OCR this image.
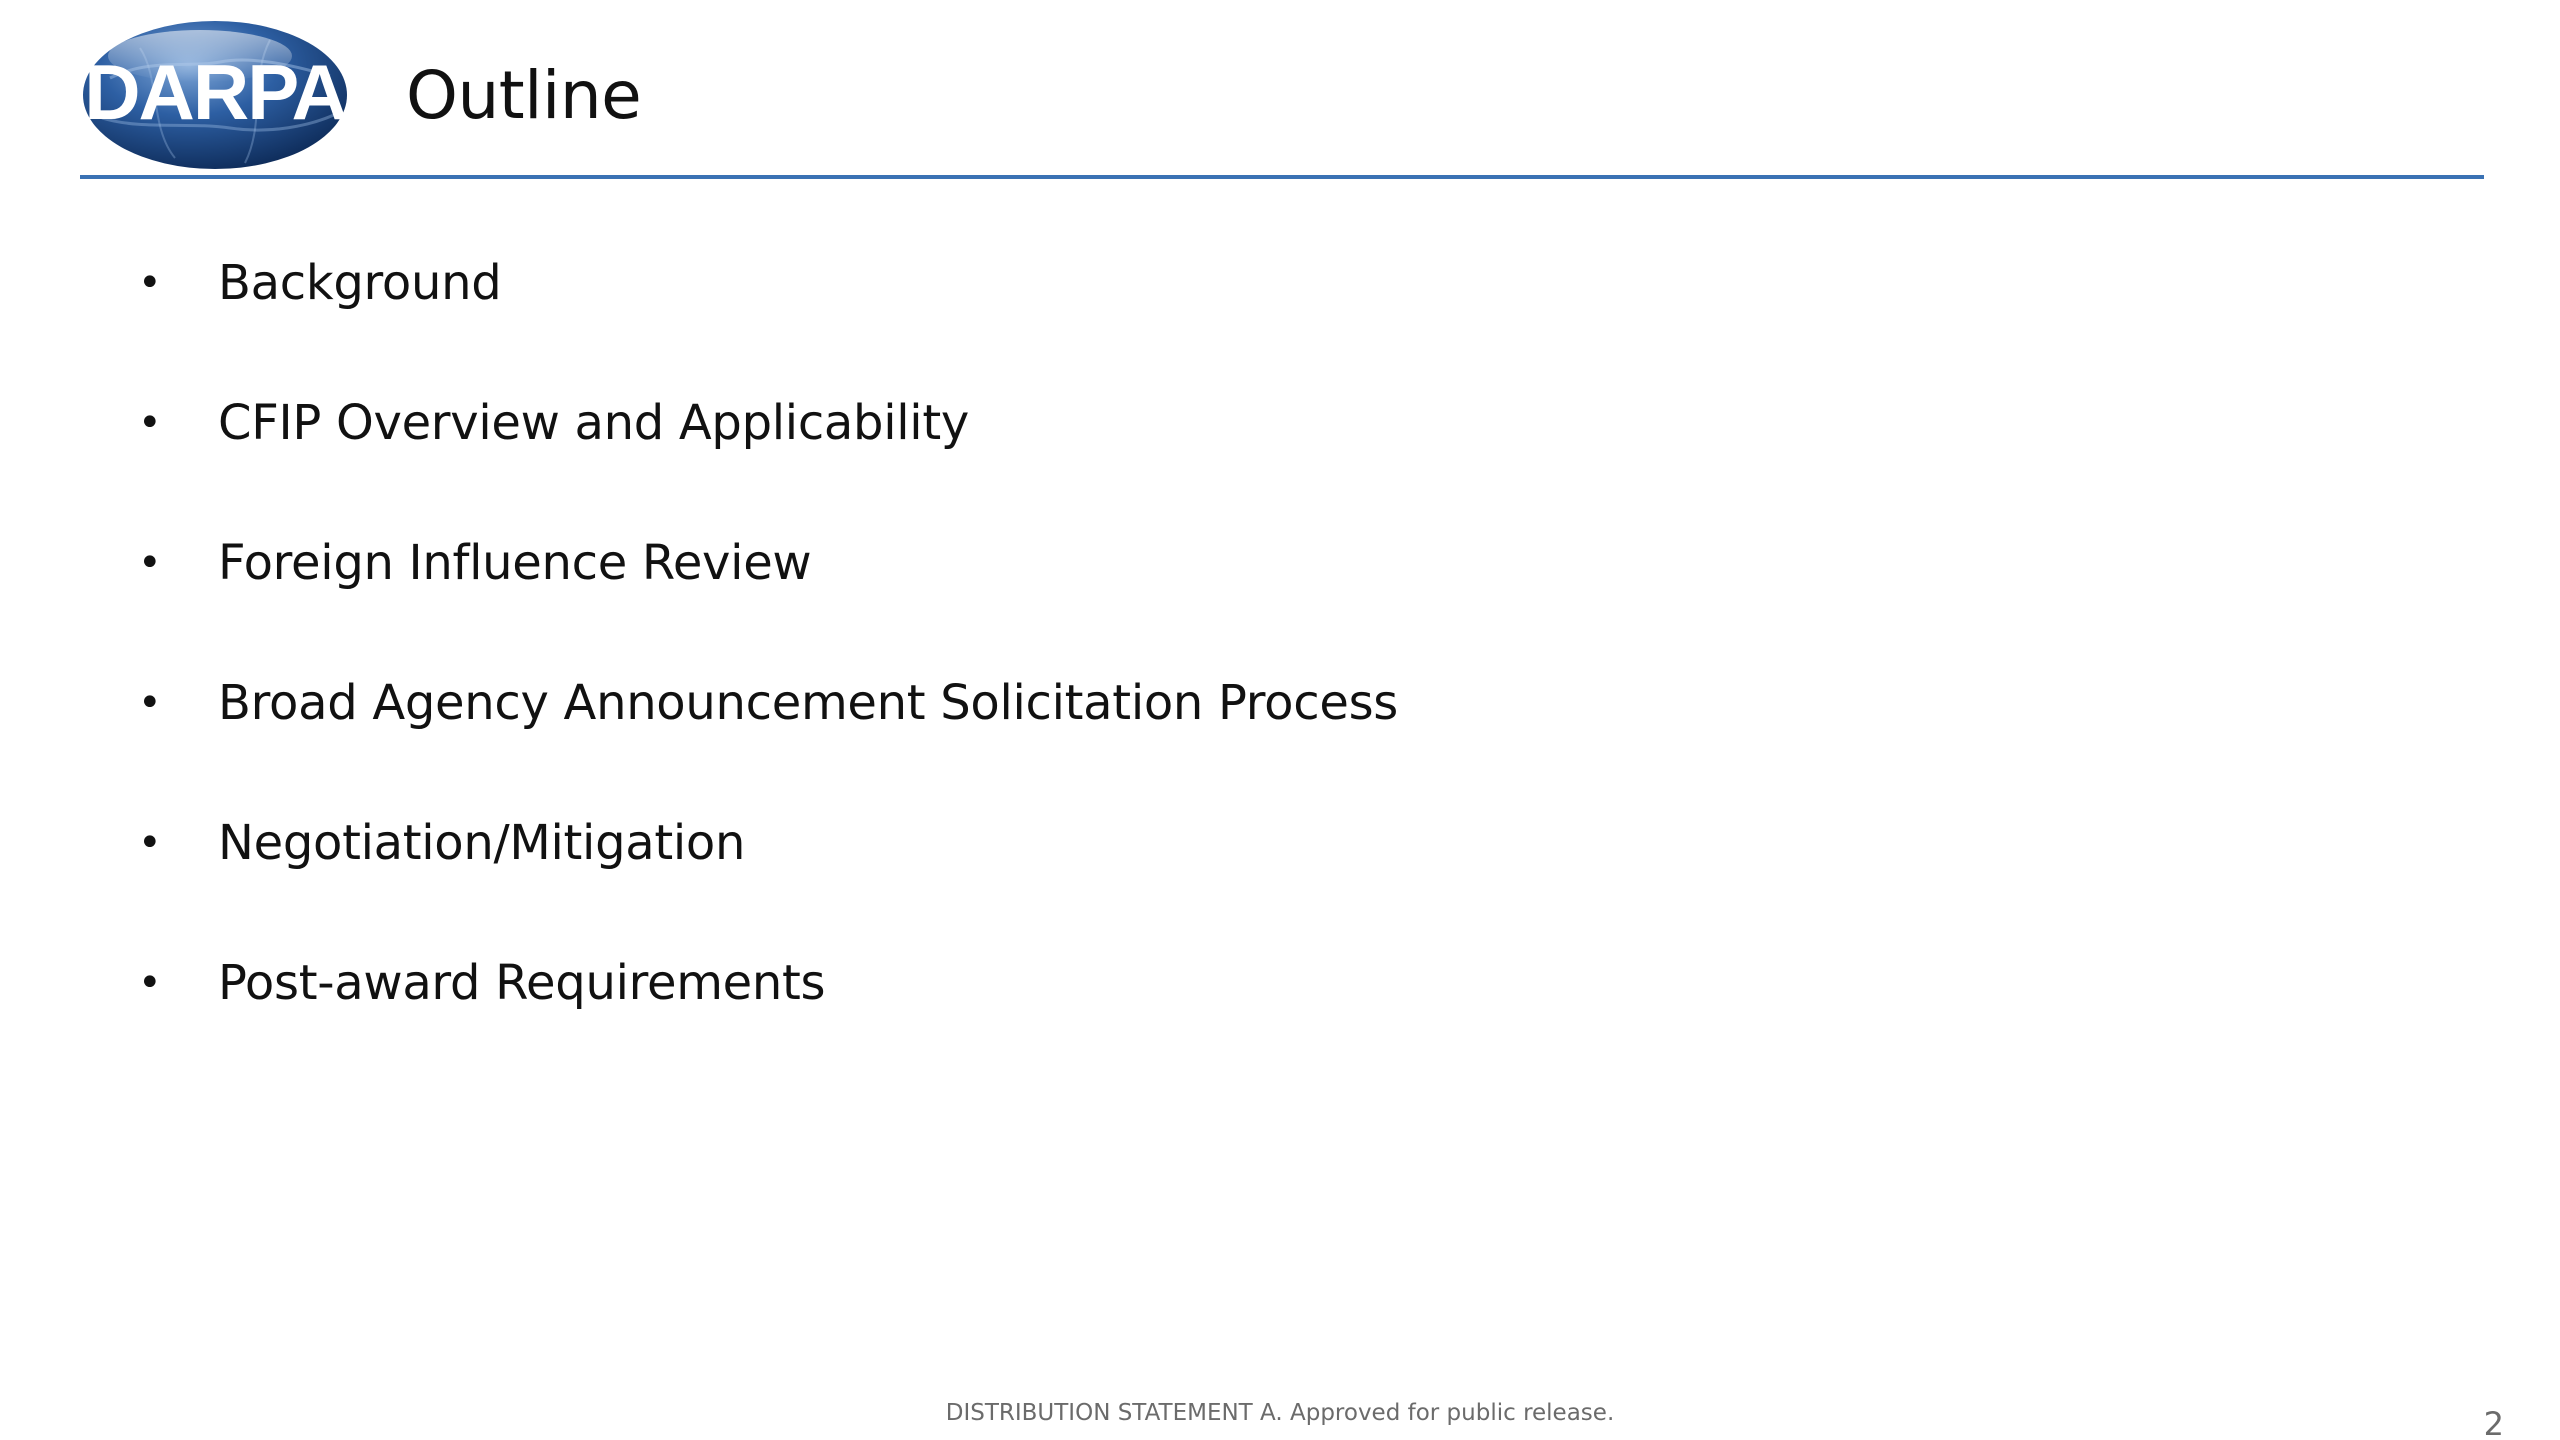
DARPA Outline
•	Background
•	CFIP Overview and Applicability
•	Foreign Influence Review
•	Broad Agency Announcement Solicitation Process
•	Negotiation/Mitigation
•	Post-award Requirements
DISTRIBUTION STATEMENT A. Approved for public release.	2
